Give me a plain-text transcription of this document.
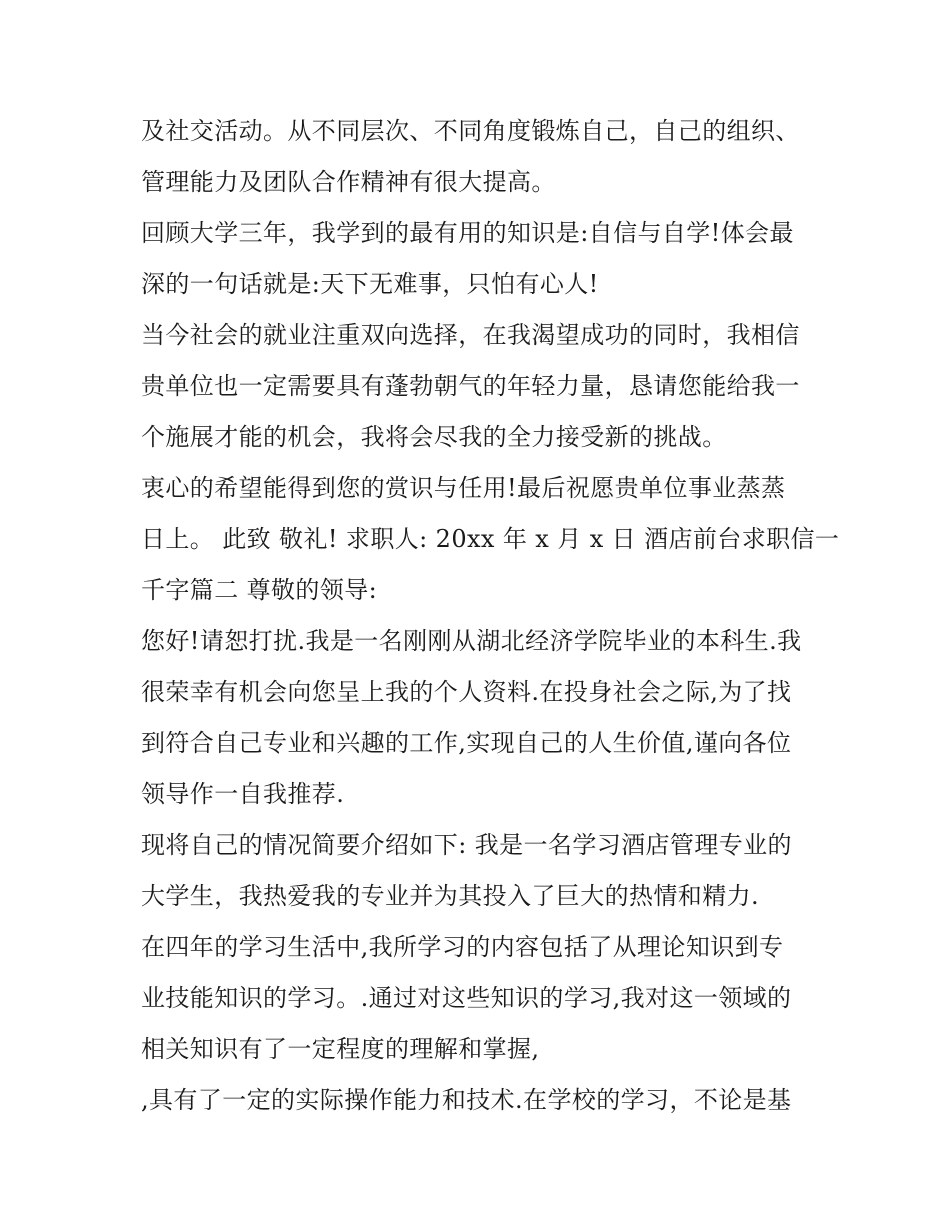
及社交活动。从不同层次、不同角度锻炼自己，自己的组织、
管理能力及团队合作精神有很大提高。
回顾大学三年，我学到的最有用的知识是:自信与自学!体会最
深的一句话就是:天下无难事，只怕有心人!
当今社会的就业注重双向选择，在我渴望成功的同时，我相信
贵单位也一定需要具有蓬勃朝气的年轻力量，恳请您能给我一
个施展才能的机会，我将会尽我的全力接受新的挑战。
衷心的希望能得到您的赏识与任用!最后祝愿贵单位事业蒸蒸
日上。 此致 敬礼! 求职人: 20xx 年 x 月 x 日 酒店前台求职信一
千字篇二 尊敬的领导:
您好!请恕打扰.我是一名刚刚从湖北经济学院毕业的本科生.我
很荣幸有机会向您呈上我的个人资料.在投身社会之际,为了找
到符合自己专业和兴趣的工作,实现自己的人生价值,谨向各位
领导作一自我推荐.
现将自己的情况简要介绍如下: 我是一名学习酒店管理专业的
大学生，我热爱我的专业并为其投入了巨大的热情和精力.
在四年的学习生活中,我所学习的内容包括了从理论知识到专
业技能知识的学习。.通过对这些知识的学习,我对这一领域的
相关知识有了一定程度的理解和掌握,
,具有了一定的实际操作能力和技术.在学校的学习，不论是基
